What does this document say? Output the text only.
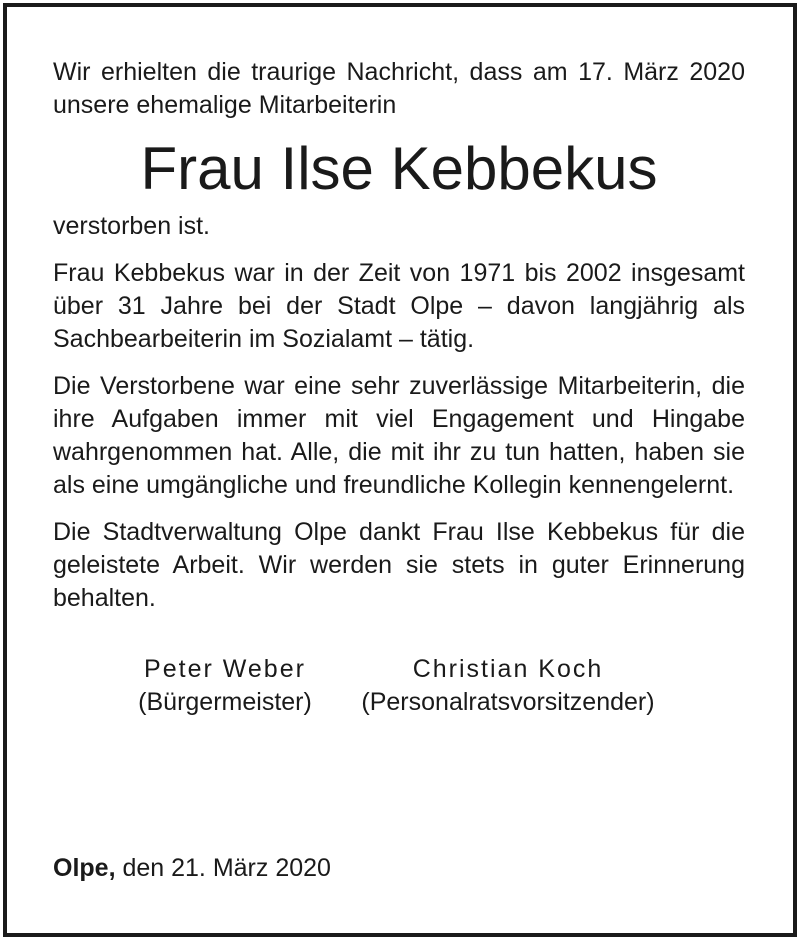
Wir erhielten die traurige Nachricht, dass am 17. März 2020 unsere ehemalige Mitarbeiterin

Frau Ilse Kebbekus

verstorben ist.

Frau Kebbekus war in der Zeit von 1971 bis 2002 insgesamt über 31 Jahre bei der Stadt Olpe – davon langjährig als Sachbearbeiterin im Sozialamt – tätig.

Die Verstorbene war eine sehr zuverlässige Mitarbeiterin, die ihre Aufgaben immer mit viel Engagement und Hingabe wahrgenommen hat. Alle, die mit ihr zu tun hatten, haben sie als eine umgängliche und freundliche Kollegin kennengelernt.

Die Stadtverwaltung Olpe dankt Frau Ilse Kebbekus für die geleistete Arbeit. Wir werden sie stets in guter Erinnerung behalten.

Peter Weber
(Bürgermeister)
Christian Koch
(Personalratsvorsitzender)
Olpe, den 21. März 2020
